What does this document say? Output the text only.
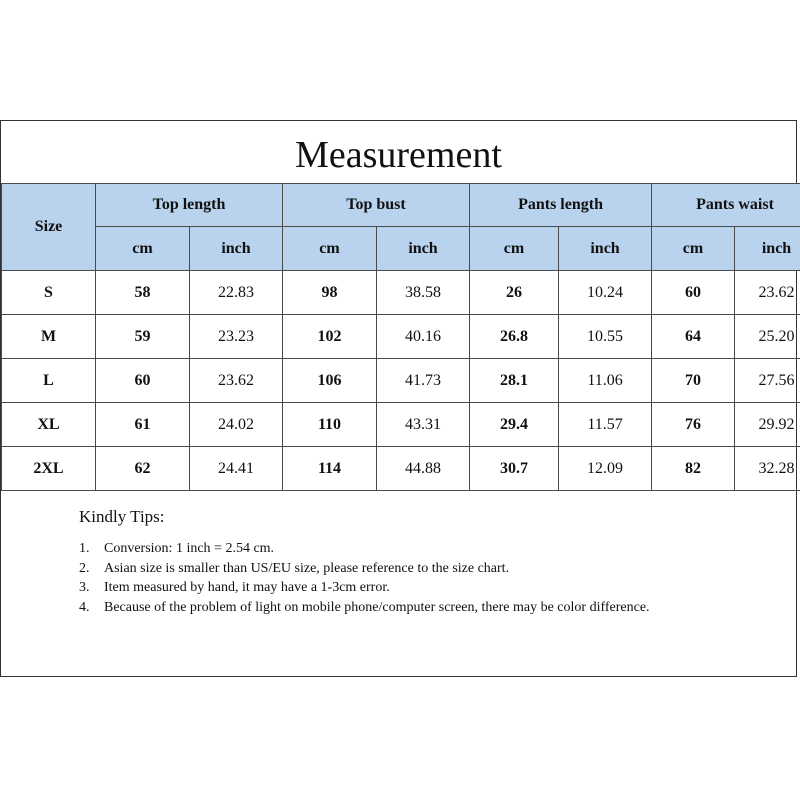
Measurement
Size	Top length		Top bust		Pants length		Pants waist	
	cm	inch	cm	inch	cm	inch	cm	inch
S	58	22.83	98	38.58	26	10.24	60	23.62
M	59	23.23	102	40.16	26.8	10.55	64	25.20
L	60	23.62	106	41.73	28.1	11.06	70	27.56
XL	61	24.02	110	43.31	29.4	11.57	76	29.92
2XL	62	24.41	114	44.88	30.7	12.09	82	32.28
Kindly Tips:
1.	Conversion: 1 inch = 2.54 cm.
2.	Asian size is smaller than US/EU size, please reference to the size chart.
3.	Item measured by hand, it may have a 1-3cm error.
4.	Because of the problem of light on mobile phone/computer screen, there may be color difference.
